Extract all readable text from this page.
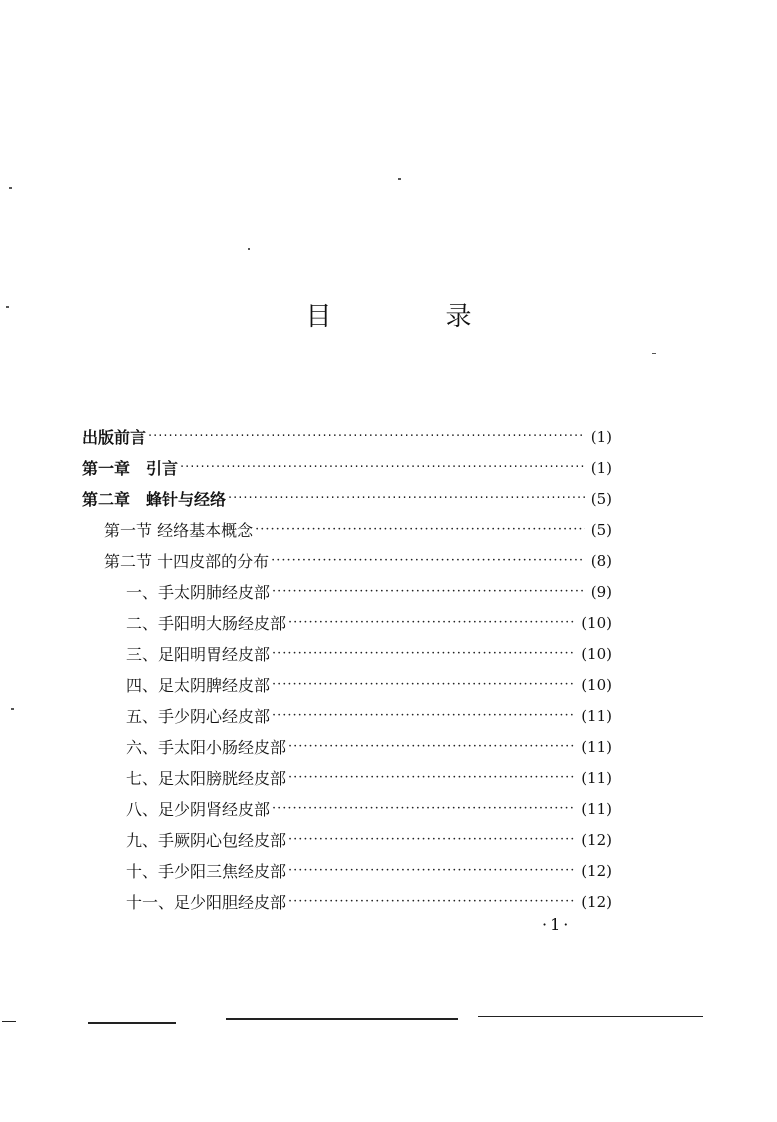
目　录
出版前言 ·····	(1)
第一章　引言 ·····	(1)
第二章　蜂针与经络 ·····	(5)
第一节 经络基本概念 ·····	(5)
第二节 十四皮部的分布 ·····	(8)
一、手太阴肺经皮部 ·····	(9)
二、手阳明大肠经皮部 ·····	(10)
三、足阳明胃经皮部 ·····	(10)
四、足太阴脾经皮部 ·····	(10)
五、手少阴心经皮部 ·····	(11)
六、手太阳小肠经皮部 ·····	(11)
七、足太阳膀胱经皮部 ·····	(11)
八、足少阴肾经皮部 ·····	(11)
九、手厥阴心包经皮部 ·····	(12)
十、手少阳三焦经皮部 ·····	(12)
十一、足少阳胆经皮部 ·····	(12)
·1·
